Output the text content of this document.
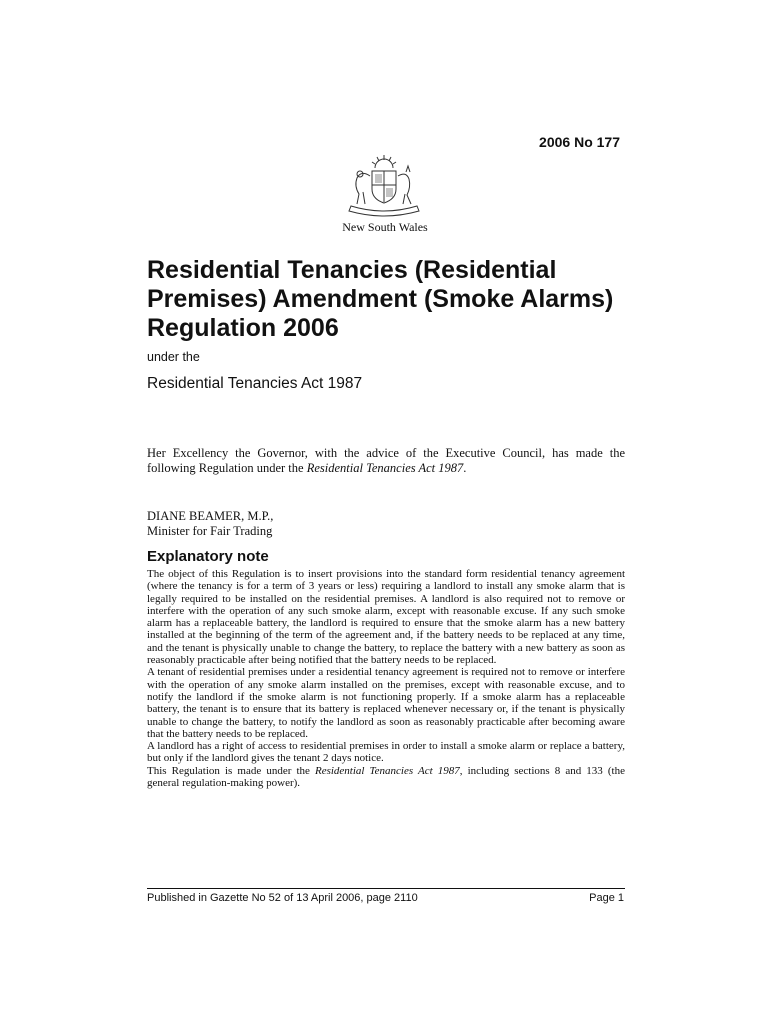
2006 No 177
New South Wales
Residential Tenancies (Residential Premises) Amendment (Smoke Alarms) Regulation 2006
under the
Residential Tenancies Act 1987

Her Excellency the Governor, with the advice of the Executive Council, has made the following Regulation under the Residential Tenancies Act 1987.

DIANE BEAMER, M.P.,
Minister for Fair Trading
Explanatory note

The object of this Regulation is to insert provisions into the standard form residential tenancy agreement (where the tenancy is for a term of 3 years or less) requiring a landlord to install any smoke alarm that is legally required to be installed on the residential premises. A landlord is also required not to remove or interfere with the operation of any such smoke alarm, except with reasonable excuse. If any such smoke alarm has a replaceable battery, the landlord is required to ensure that the smoke alarm has a new battery installed at the beginning of the term of the agreement and, if the battery needs to be replaced at any time, and the tenant is physically unable to change the battery, to replace the battery with a new battery as soon as reasonably practicable after being notified that the battery needs to be replaced.

A tenant of residential premises under a residential tenancy agreement is required not to remove or interfere with the operation of any smoke alarm installed on the premises, except with reasonable excuse, and to notify the landlord if the smoke alarm is not functioning properly. If a smoke alarm has a replaceable battery, the tenant is to ensure that its battery is replaced whenever necessary or, if the tenant is physically unable to change the battery, to notify the landlord as soon as reasonably practicable after becoming aware that the battery needs to be replaced.

A landlord has a right of access to residential premises in order to install a smoke alarm or replace a battery, but only if the landlord gives the tenant 2 days notice.

This Regulation is made under the Residential Tenancies Act 1987, including sections 8 and 133 (the general regulation-making power).

Published in Gazette No 52 of 13 April 2006, page 2110	Page 1
